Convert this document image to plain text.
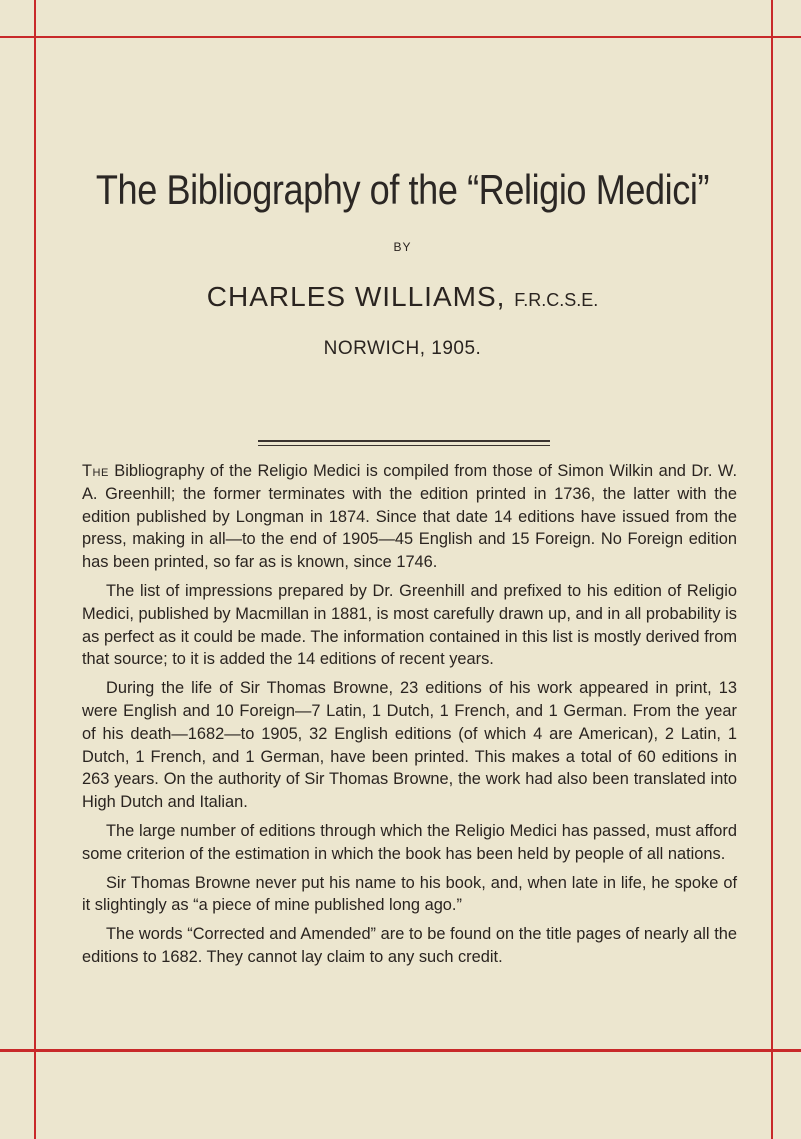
The Bibliography of the “Religio Medici”
BY
CHARLES WILLIAMS, F.R.C.S.E.
NORWICH, 1905.

The Bibliography of the Religio Medici is compiled from those of Simon Wilkin and Dr. W. A. Greenhill; the former terminates with the edition printed in 1736, the latter with the edition published by Longman in 1874. Since that date 14 editions have issued from the press, making in all—to the end of 1905—45 English and 15 Foreign. No Foreign edition has been printed, so far as is known, since 1746.

The list of impressions prepared by Dr. Greenhill and prefixed to his edition of Religio Medici, published by Macmillan in 1881, is most carefully drawn up, and in all probability is as perfect as it could be made. The information contained in this list is mostly derived from that source; to it is added the 14 editions of recent years.

During the life of Sir Thomas Browne, 23 editions of his work appeared in print, 13 were English and 10 Foreign—7 Latin, 1 Dutch, 1 French, and 1 German. From the year of his death—1682—to 1905, 32 English editions (of which 4 are American), 2 Latin, 1 Dutch, 1 French, and 1 German, have been printed. This makes a total of 60 editions in 263 years. On the authority of Sir Thomas Browne, the work had also been translated into High Dutch and Italian.

The large number of editions through which the Religio Medici has passed, must afford some criterion of the estimation in which the book has been held by people of all nations.

Sir Thomas Browne never put his name to his book, and, when late in life, he spoke of it slightingly as “a piece of mine published long ago.”

The words “Corrected and Amended” are to be found on the title pages of nearly all the editions to 1682. They cannot lay claim to any such credit.
